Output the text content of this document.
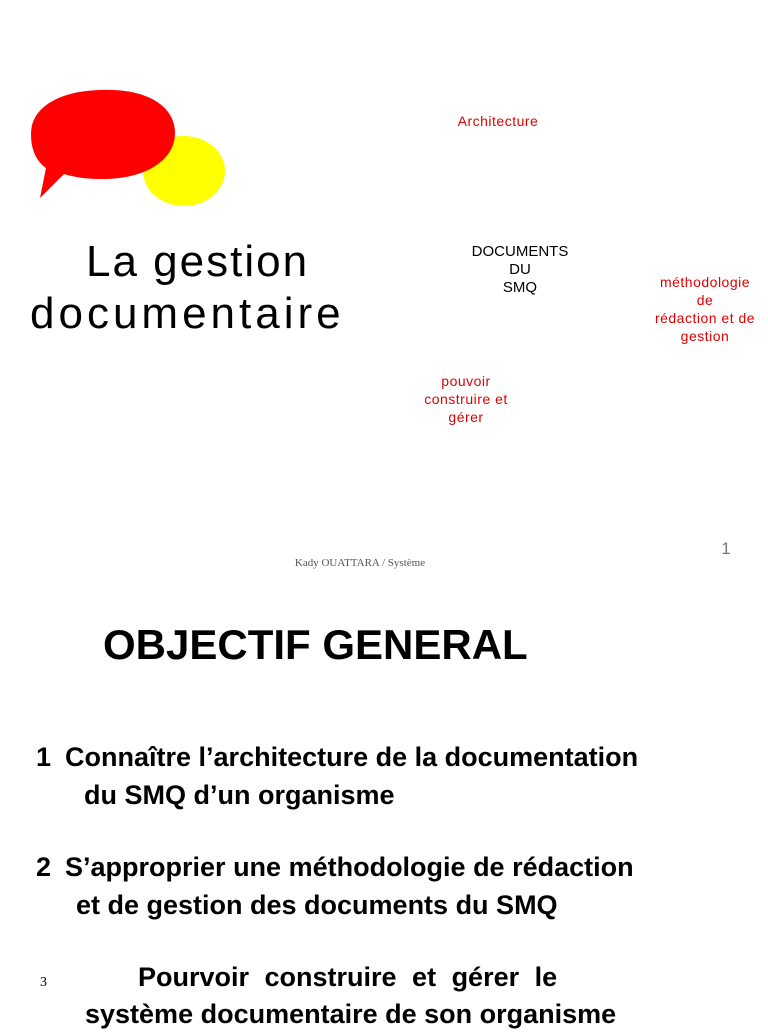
La gestion
documentaire
Architecture
DOCUMENTS
DU
SMQ	méthodologie
de
rédaction et de
gestion
pouvoir
construire et
gérer
Kady OUATTARA / Système
1
OBJECTIF GENERAL
1 Connaître l’architecture de la documentation
du SMQ d’un organisme
2 S’approprier une méthodologie de rédaction
et de gestion des documents du SMQ
3	Pourvoir construire et gérer le
système documentaire de son organisme
